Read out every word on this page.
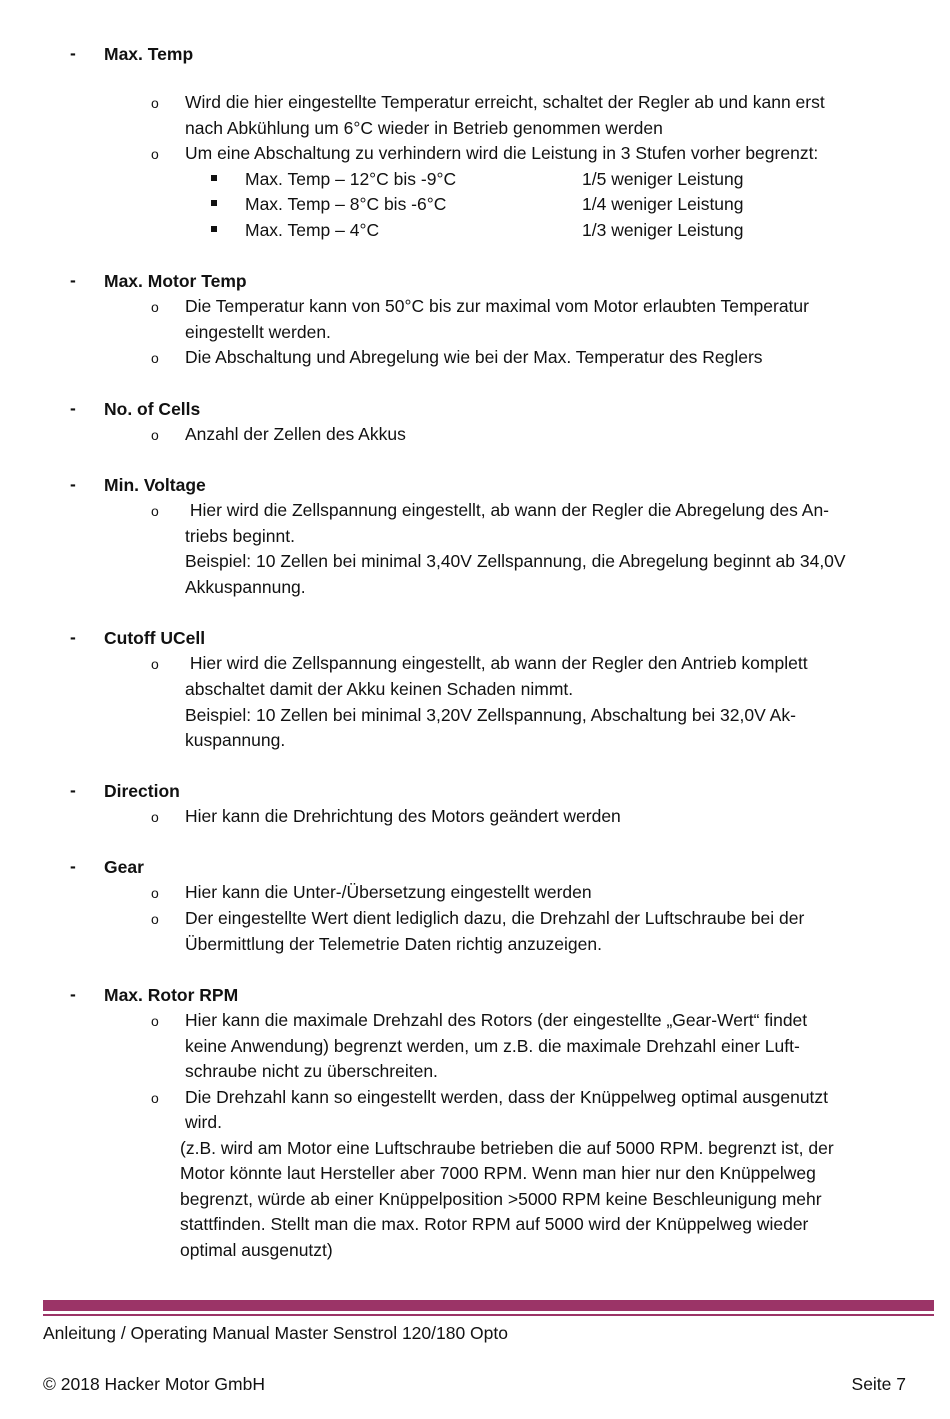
-	Max. Temp
o Wird die hier eingestellte Temperatur erreicht, schaltet der Regler ab und kann erst
nach Abkühlung um 6°C wieder in Betrieb genommen werden
o Um eine Abschaltung zu verhindern wird die Leistung in 3 Stufen vorher begrenzt:
Max. Temp – 12°C bis -9°C	1/5 weniger Leistung
Max. Temp – 8°C bis -6°C	1/4 weniger Leistung
Max. Temp – 4°C	1/3 weniger Leistung
-	Max. Motor Temp
o Die Temperatur kann von 50°C bis zur maximal vom Motor erlaubten Temperatur
eingestellt werden.
o Die Abschaltung und Abregelung wie bei der Max. Temperatur des Reglers
-	No. of Cells
o Anzahl der Zellen des Akkus
-	Min. Voltage
o Hier wird die Zellspannung eingestellt, ab wann der Regler die Abregelung des An-
triebs beginnt.
Beispiel: 10 Zellen bei minimal 3,40V Zellspannung, die Abregelung beginnt ab 34,0V
Akkuspannung.
-	Cutoff UCell
o Hier wird die Zellspannung eingestellt, ab wann der Regler den Antrieb komplett
abschaltet damit der Akku keinen Schaden nimmt.
Beispiel: 10 Zellen bei minimal 3,20V Zellspannung, Abschaltung bei 32,0V Ak-
kuspannung.
-	Direction
o Hier kann die Drehrichtung des Motors geändert werden
-	Gear
o Hier kann die Unter-/Übersetzung eingestellt werden
o Der eingestellte Wert dient lediglich dazu, die Drehzahl der Luftschraube bei der
Übermittlung der Telemetrie Daten richtig anzuzeigen.
-	Max. Rotor RPM
o Hier kann die maximale Drehzahl des Rotors (der eingestellte „Gear-Wert“ findet
keine Anwendung) begrenzt werden, um z.B. die maximale Drehzahl einer Luft-
schraube nicht zu überschreiten.
o Die Drehzahl kann so eingestellt werden, dass der Knüppelweg optimal ausgenutzt
wird.
(z.B. wird am Motor eine Luftschraube betrieben die auf 5000 RPM. begrenzt ist, der
Motor könnte laut Hersteller aber 7000 RPM. Wenn man hier nur den Knüppelweg
begrenzt, würde ab einer Knüppelposition >5000 RPM keine Beschleunigung mehr
stattfinden. Stellt man die max. Rotor RPM auf 5000 wird der Knüppelweg wieder
optimal ausgenutzt)
Anleitung / Operating Manual Master Senstrol 120/180 Opto
© 2018 Hacker Motor GmbH	Seite 7
